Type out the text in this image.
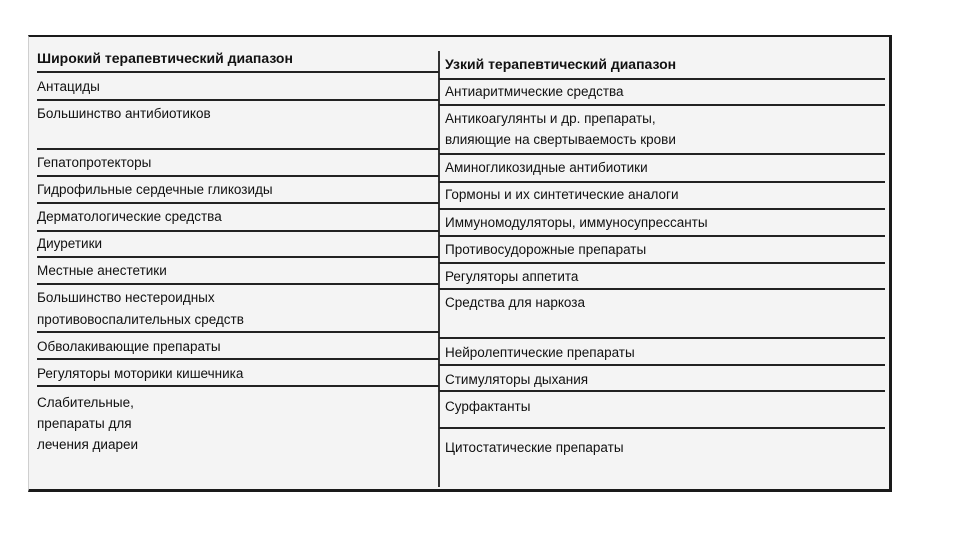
Широкий терапевтический диапазон
Антациды
Большинство антибиотиков
Гепатопротекторы
Гидрофильные сердечные гликозиды
Дерматологические средства
Диуретики
Местные анестетики
Большинство нестероидных
противовоспалительных средств
Обволакивающие препараты
Регуляторы моторики кишечника
Слабительные,
препараты для
лечения диареи
Узкий терапевтический диапазон
Антиаритмические средства
Антикоагулянты и др. препараты,
влияющие на свертываемость крови
Аминогликозидные антибиотики
Гормоны и их синтетические аналоги
Иммуномодуляторы, иммуносупрессанты
Противосудорожные препараты
Регуляторы аппетита
Средства для наркоза
Нейролептические препараты
Стимуляторы дыхания
Сурфактанты
Цитостатические препараты
